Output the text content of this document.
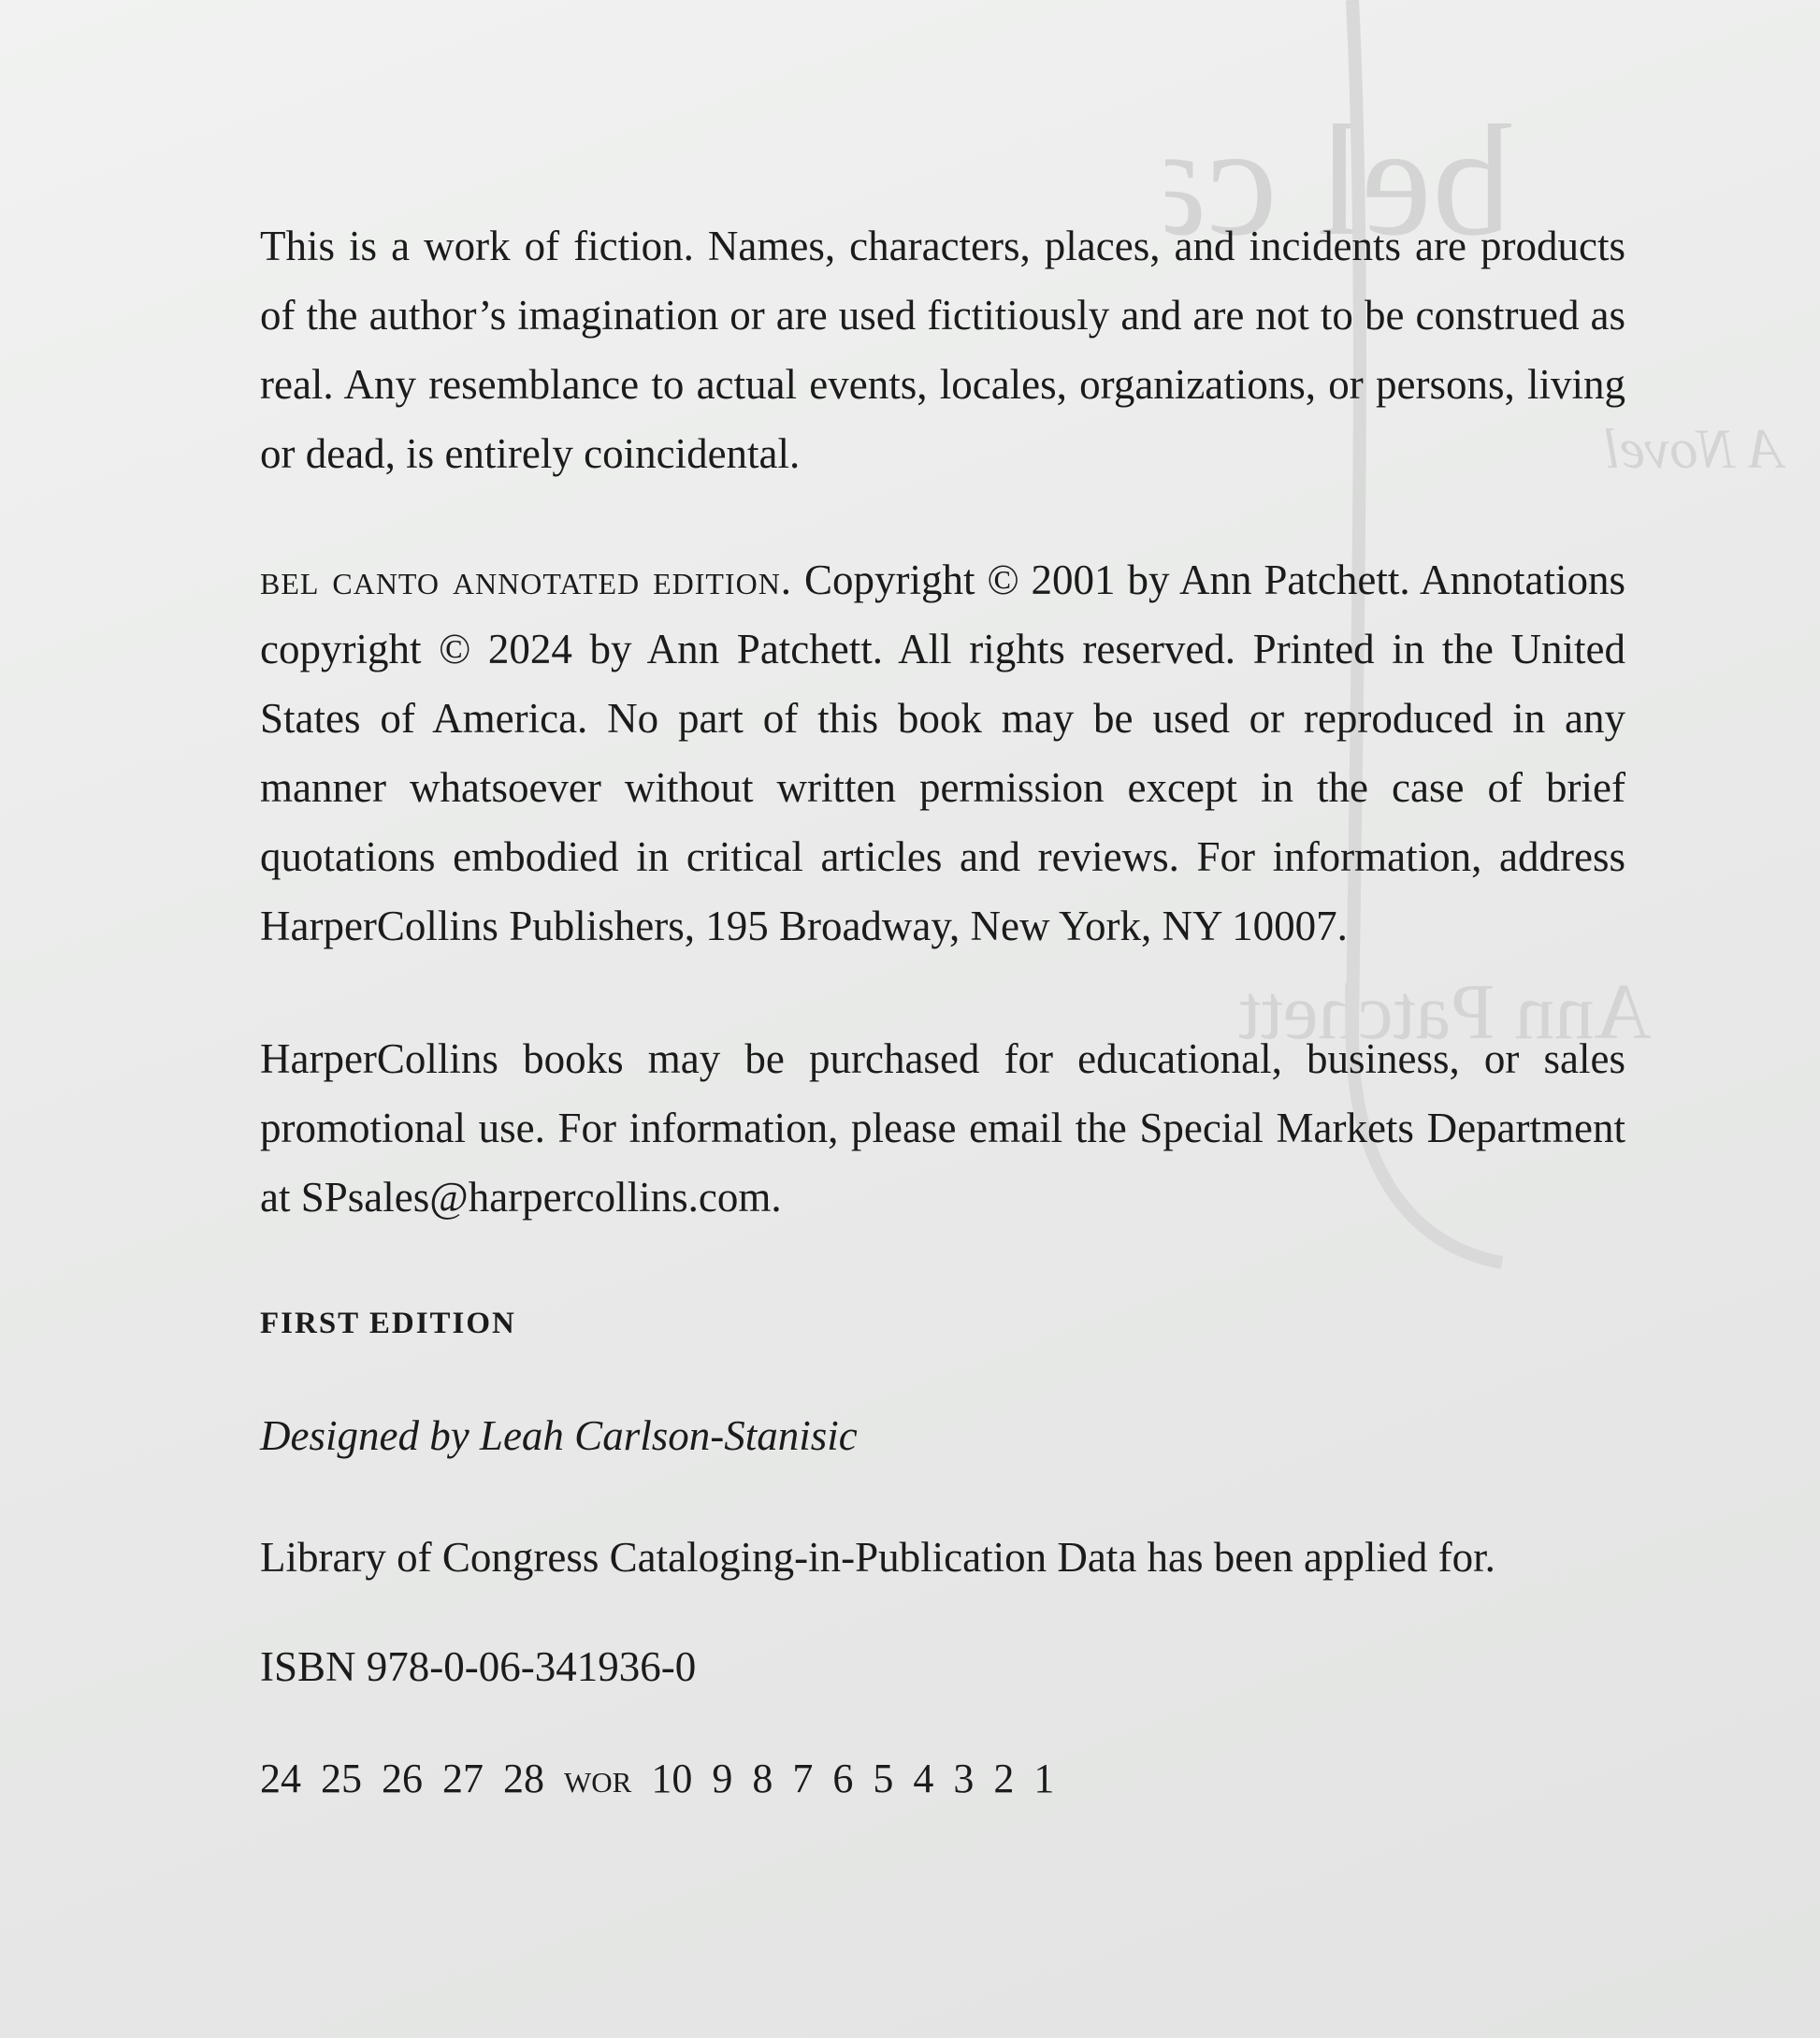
bel c
A Novel
Ann Patchett

This is a work of fiction. Names, characters, places, and incidents are products of the author’s imagination or are used fictitiously and are not to be construed as real. Any resemblance to actual events, locales, organizations, or persons, living or dead, is entirely coincidental.

bel canto annotated edition. Copyright © 2001 by Ann Patchett. Annotations copyright © 2024 by Ann Patchett. All rights reserved. Printed in the United States of America. No part of this book may be used or reproduced in any manner whatsoever without written permission except in the case of brief quotations embodied in critical articles and reviews. For information, address HarperCollins Publishers, 195 Broadway, New York, NY 10007.

HarperCollins books may be purchased for educational, business, or sales promotional use. For information, please email the Special Markets Department at SPsales@harpercollins.com.

FIRST EDITION

Designed by Leah Carlson-Stanisic

Library of Congress Cataloging-in-Publication Data has been applied for.

ISBN 978-0-06-341936-0

24 25 26 27 28 wor 10 9 8 7 6 5 4 3 2 1
